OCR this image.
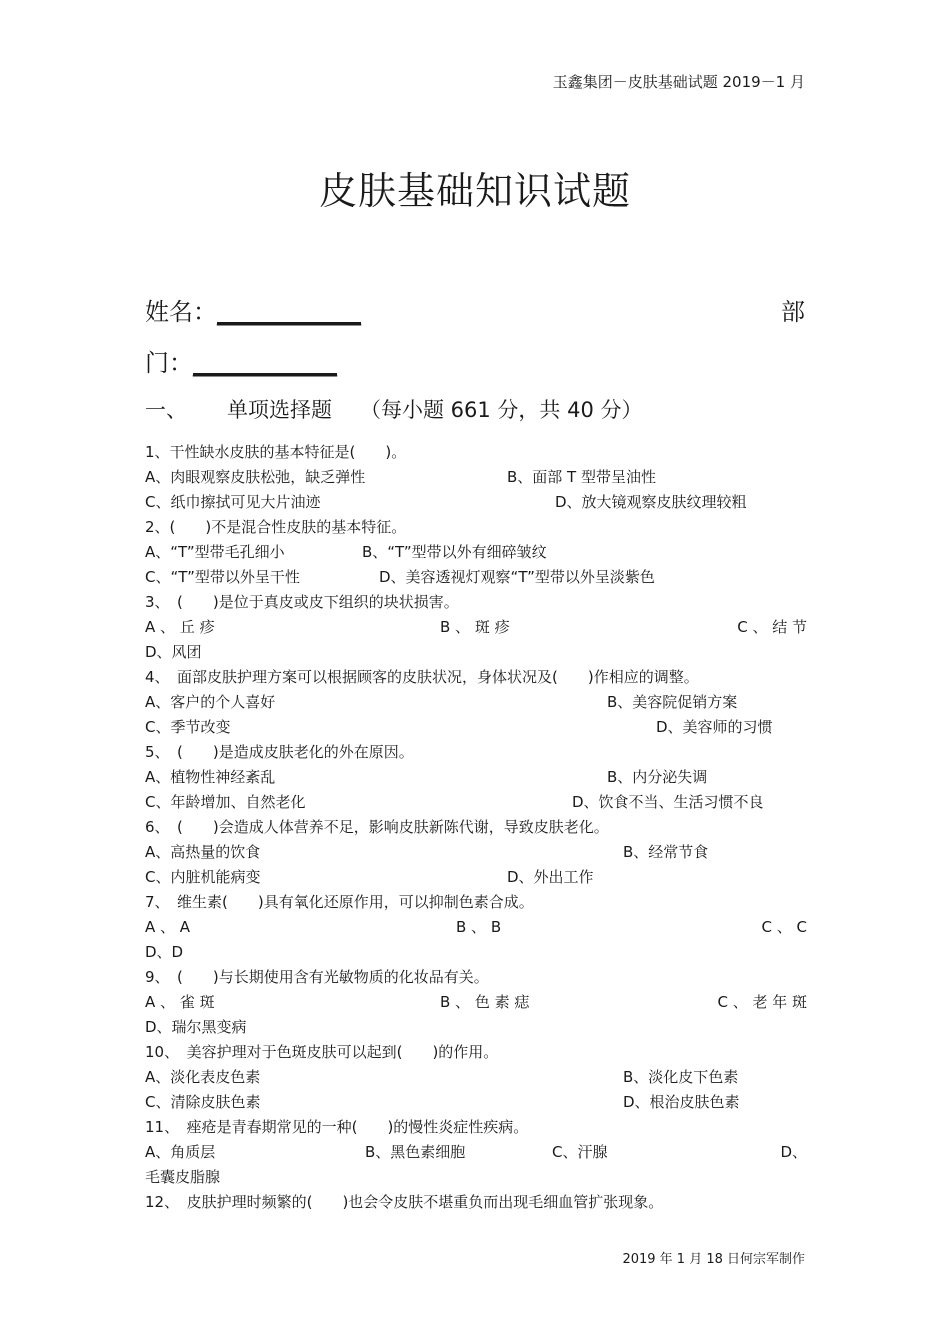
玉鑫集团－皮肤基础试题 2019－1 月
皮肤基础知识试题
姓名：____________	部
门：____________
一、 单项选择题 （每小题 661 分，共 40 分）
1、干性缺水皮肤的基本特征是(　　)。
A、肉眼观察皮肤松弛，缺乏弹性	B、面部 T 型带呈油性
C、纸巾擦拭可见大片油迹	D、放大镜观察皮肤纹理较粗
2、(　　)不是混合性皮肤的基本特征。
A、“T”型带毛孔细小	B、“T”型带以外有细碎皱纹
C、“T”型带以外呈干性	D、美容透视灯观察“T”型带以外呈淡紫色
3、　(　　)是位于真皮或皮下组织的块状损害。
A 、 丘 疹	B 、 斑 疹	C 、 结 节
D、风团
4、　面部皮肤护理方案可以根据顾客的皮肤状况，身体状况及(　　)作相应的调整。
A、客户的个人喜好	B、美容院促销方案
C、季节改变	D、美容师的习惯
5、　(　　)是造成皮肤老化的外在原因。
A、植物性神经紊乱	B、内分泌失调
C、年龄增加、自然老化	D、饮食不当、生活习惯不良
6、　(　　)会造成人体营养不足，影响皮肤新陈代谢，导致皮肤老化。
A、高热量的饮食	B、经常节食
C、内脏机能病变	D、外出工作
7、　维生素(　　)具有氧化还原作用，可以抑制色素合成。
A 、 A	B 、 B	C 、 C
D、D
9、　(　　)与长期使用含有光敏物质的化妆品有关。
A 、 雀 斑	B 、 色 素 痣	C 、 老 年 斑
D、瑞尔黑变病
10、　美容护理对于色斑皮肤可以起到(　　)的作用。
A、淡化表皮色素	B、淡化皮下色素
C、清除皮肤色素	D、根治皮肤色素
11、　痤疮是青春期常见的一种(　　)的慢性炎症性疾病。
A、角质层	B、黑色素细胞	C、汗腺	D、
毛囊皮脂腺
12、　皮肤护理时频繁的(　　)也会令皮肤不堪重负而出现毛细血管扩张现象。
2019 年 1 月 18 日何宗军制作
